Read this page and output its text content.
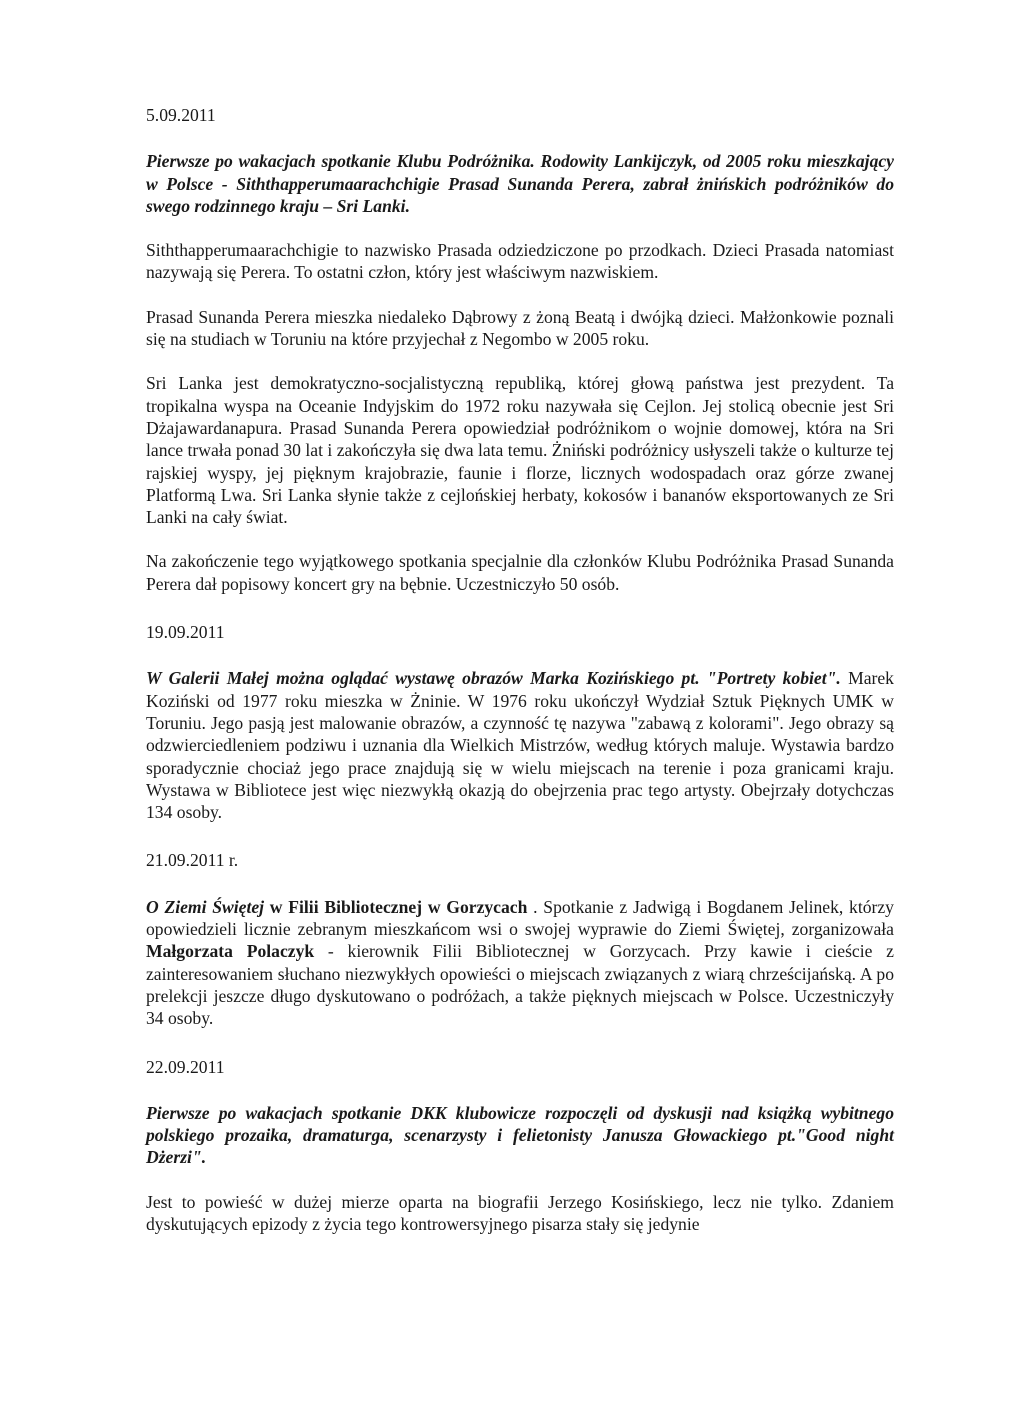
5.09.2011

Pierwsze po wakacjach spotkanie Klubu Podróżnika. Rodowity Lankijczyk, od 2005 roku mieszkający w Polsce - Siththapperumaarachchigie Prasad Sunanda Perera, zabrał żnińskich podróżników do swego rodzinnego kraju – Sri Lanki.

Siththapperumaarachchigie to nazwisko Prasada odziedziczone po przodkach. Dzieci Prasada natomiast nazywają się Perera. To ostatni człon, który jest właściwym nazwiskiem.

Prasad Sunanda Perera mieszka niedaleko Dąbrowy z żoną Beatą i dwójką dzieci. Małżonkowie poznali się na studiach w Toruniu na które przyjechał z Negombo w 2005 roku.

Sri Lanka jest demokratyczno-socjalistyczną republiką, której głową państwa jest prezydent. Ta tropikalna wyspa na Oceanie Indyjskim do 1972 roku nazywała się Cejlon. Jej stolicą obecnie jest Sri Dżajawardanapura. Prasad Sunanda Perera opowiedział podróżnikom o wojnie domowej, która na Sri lance trwała ponad 30 lat i zakończyła się dwa lata temu. Żniński podróżnicy usłyszeli także o kulturze tej rajskiej wyspy, jej pięknym krajobrazie, faunie i florze, licznych wodospadach oraz górze zwanej Platformą Lwa. Sri Lanka słynie także z cejlońskiej herbaty, kokosów i bananów eksportowanych ze Sri Lanki na cały świat.

Na zakończenie tego wyjątkowego spotkania specjalnie dla członków Klubu Podróżnika Prasad Sunanda Perera dał popisowy koncert gry na bębnie. Uczestniczyło 50 osób.

19.09.2011

W Galerii Małej można oglądać wystawę obrazów Marka Kozińskiego pt. "Portrety kobiet". Marek Koziński od 1977 roku mieszka w Żninie. W 1976 roku ukończył Wydział Sztuk Pięknych UMK w Toruniu. Jego pasją jest malowanie obrazów, a czynność tę nazywa "zabawą z kolorami". Jego obrazy są odzwierciedleniem podziwu i uznania dla Wielkich Mistrzów, według których maluje. Wystawia bardzo sporadycznie chociaż jego prace znajdują się w wielu miejscach na terenie i poza granicami kraju. Wystawa w Bibliotece jest więc niezwykłą okazją do obejrzenia prac tego artysty. Obejrzały dotychczas 134 osoby.

21.09.2011 r.

O Ziemi Świętej w Filii Bibliotecznej w Gorzycach . Spotkanie z Jadwigą i Bogdanem Jelinek, którzy opowiedzieli licznie zebranym mieszkańcom wsi o swojej wyprawie do Ziemi Świętej, zorganizowała Małgorzata Polaczyk - kierownik Filii Bibliotecznej w Gorzycach. Przy kawie i cieście z zainteresowaniem słuchano niezwykłych opowieści o miejscach związanych z wiarą chrześcijańską. A po prelekcji jeszcze długo dyskutowano o podróżach, a także pięknych miejscach w Polsce. Uczestniczyły 34 osoby.

22.09.2011

Pierwsze po wakacjach spotkanie DKK klubowicze rozpoczęli od dyskusji nad książką wybitnego polskiego prozaika, dramaturga, scenarzysty i felietonisty Janusza Głowackiego pt."Good night Dżerzi".

Jest to powieść w dużej mierze oparta na biografii Jerzego Kosińskiego, lecz nie tylko. Zdaniem dyskutujących epizody z życia tego kontrowersyjnego pisarza stały się jedynie
